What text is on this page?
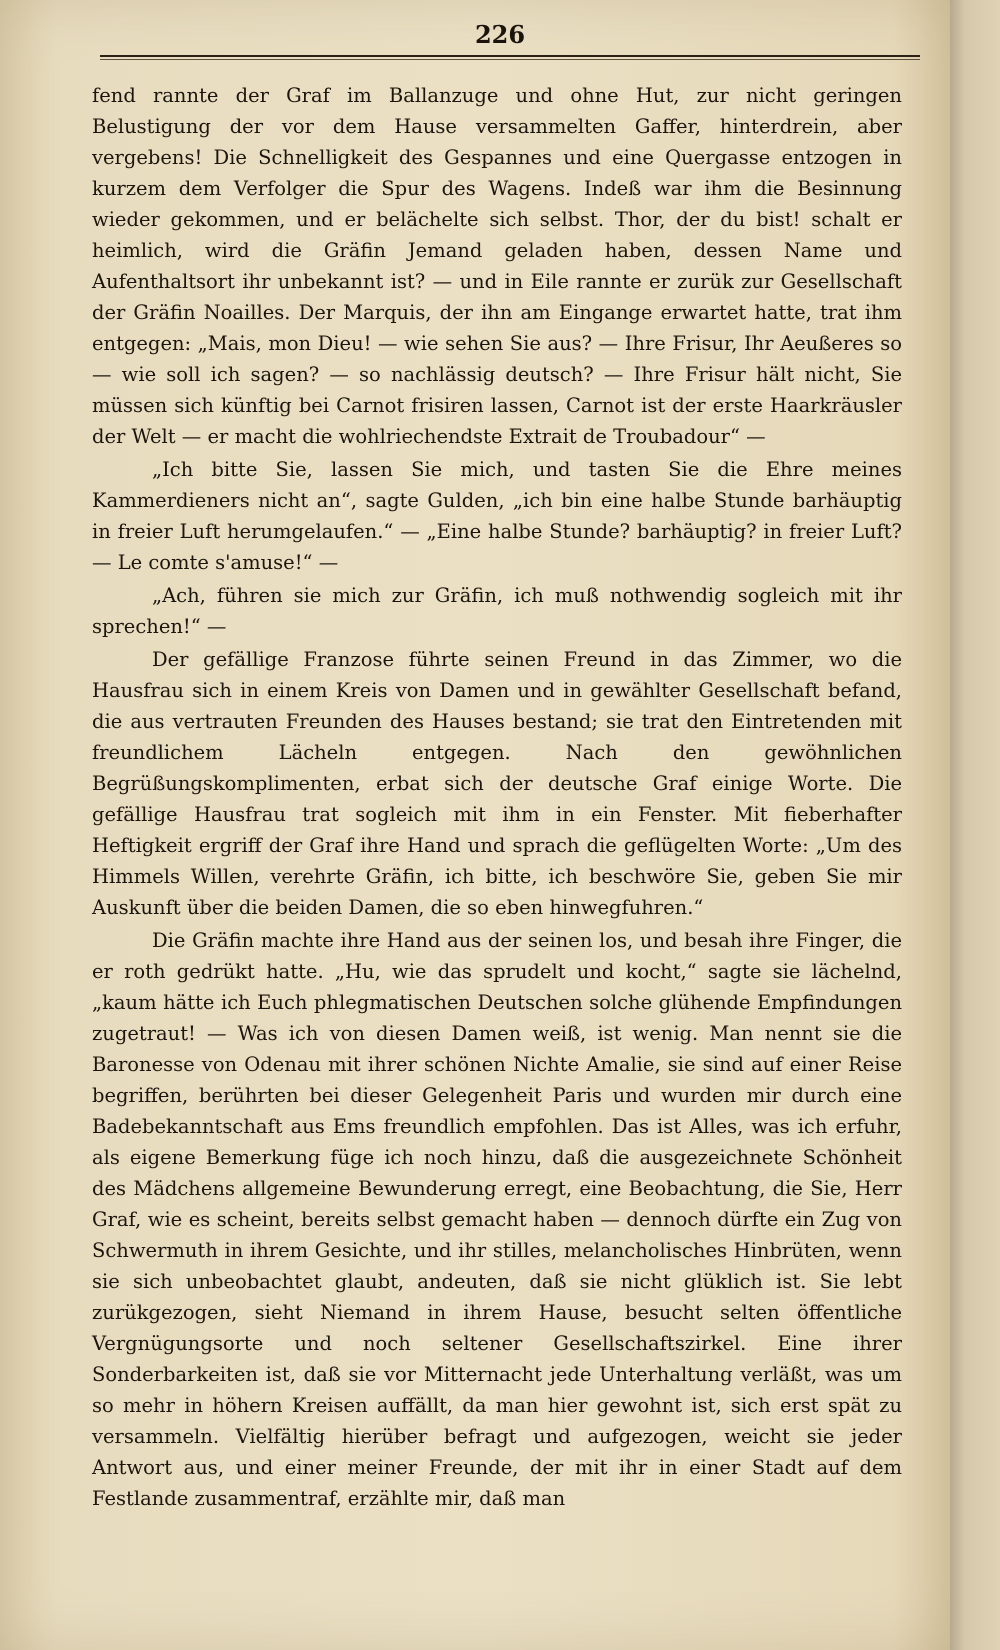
226

fend rannte der Graf im Ballanzuge und ohne Hut, zur nicht geringen Belustigung der vor dem Hause versammelten Gaffer, hinterdrein, aber vergebens! Die Schnelligkeit des Gespannes und eine Quergasse entzogen in kurzem dem Verfolger die Spur des Wagens. Indeß war ihm die Besinnung wieder gekommen, und er belächelte sich selbst. Thor, der du bist! schalt er heimlich, wird die Gräfin Jemand geladen haben, dessen Name und Aufenthaltsort ihr unbekannt ist? — und in Eile rannte er zurük zur Gesellschaft der Gräfin Noailles. Der Marquis, der ihn am Eingange erwartet hatte, trat ihm entgegen: „Mais, mon Dieu! — wie sehen Sie aus? — Ihre Frisur, Ihr Aeußeres so — wie soll ich sagen? — so nachlässig deutsch? — Ihre Frisur hält nicht, Sie müssen sich künftig bei Carnot frisiren lassen, Carnot ist der erste Haarkräusler der Welt — er macht die wohlriechendste Extrait de Troubadour“ —

„Ich bitte Sie, lassen Sie mich, und tasten Sie die Ehre meines Kammerdieners nicht an“, sagte Gulden, „ich bin eine halbe Stunde barhäuptig in freier Luft herumgelaufen.“ — „Eine halbe Stunde? barhäuptig? in freier Luft? — Le comte s'amuse!“ —

„Ach, führen sie mich zur Gräfin, ich muß nothwendig sogleich mit ihr sprechen!“ —

Der gefällige Franzose führte seinen Freund in das Zimmer, wo die Hausfrau sich in einem Kreis von Damen und in gewählter Gesellschaft befand, die aus vertrauten Freunden des Hauses bestand; sie trat den Eintretenden mit freundlichem Lächeln entgegen. Nach den gewöhnlichen Begrüßungskomplimenten, erbat sich der deutsche Graf einige Worte. Die gefällige Hausfrau trat sogleich mit ihm in ein Fenster. Mit fieberhafter Heftigkeit ergriff der Graf ihre Hand und sprach die geflügelten Worte: „Um des Himmels Willen, verehrte Gräfin, ich bitte, ich beschwöre Sie, geben Sie mir Auskunft über die beiden Damen, die so eben hinwegfuhren.“

Die Gräfin machte ihre Hand aus der seinen los, und besah ihre Finger, die er roth gedrükt hatte. „Hu, wie das sprudelt und kocht,“ sagte sie lächelnd, „kaum hätte ich Euch phlegmatischen Deutschen solche glühende Empfindungen zugetraut! — Was ich von diesen Damen weiß, ist wenig. Man nennt sie die Baronesse von Odenau mit ihrer schönen Nichte Amalie, sie sind auf einer Reise begriffen, berührten bei dieser Gelegenheit Paris und wurden mir durch eine Badebekanntschaft aus Ems freundlich empfohlen. Das ist Alles, was ich erfuhr, als eigene Bemerkung füge ich noch hinzu, daß die ausgezeichnete Schönheit des Mädchens allgemeine Bewunderung erregt, eine Beobachtung, die Sie, Herr Graf, wie es scheint, bereits selbst gemacht haben — dennoch dürfte ein Zug von Schwermuth in ihrem Gesichte, und ihr stilles, melancholisches Hinbrüten, wenn sie sich unbeobachtet glaubt, andeuten, daß sie nicht glüklich ist. Sie lebt zurükgezogen, sieht Niemand in ihrem Hause, besucht selten öffentliche Vergnügungsorte und noch seltener Gesellschaftszirkel. Eine ihrer Sonderbarkeiten ist, daß sie vor Mitternacht jede Unterhaltung verläßt, was um so mehr in höhern Kreisen auffällt, da man hier gewohnt ist, sich erst spät zu versammeln. Vielfältig hierüber befragt und aufgezogen, weicht sie jeder Antwort aus, und einer meiner Freunde, der mit ihr in einer Stadt auf dem Festlande zusammentraf, erzählte mir, daß man
